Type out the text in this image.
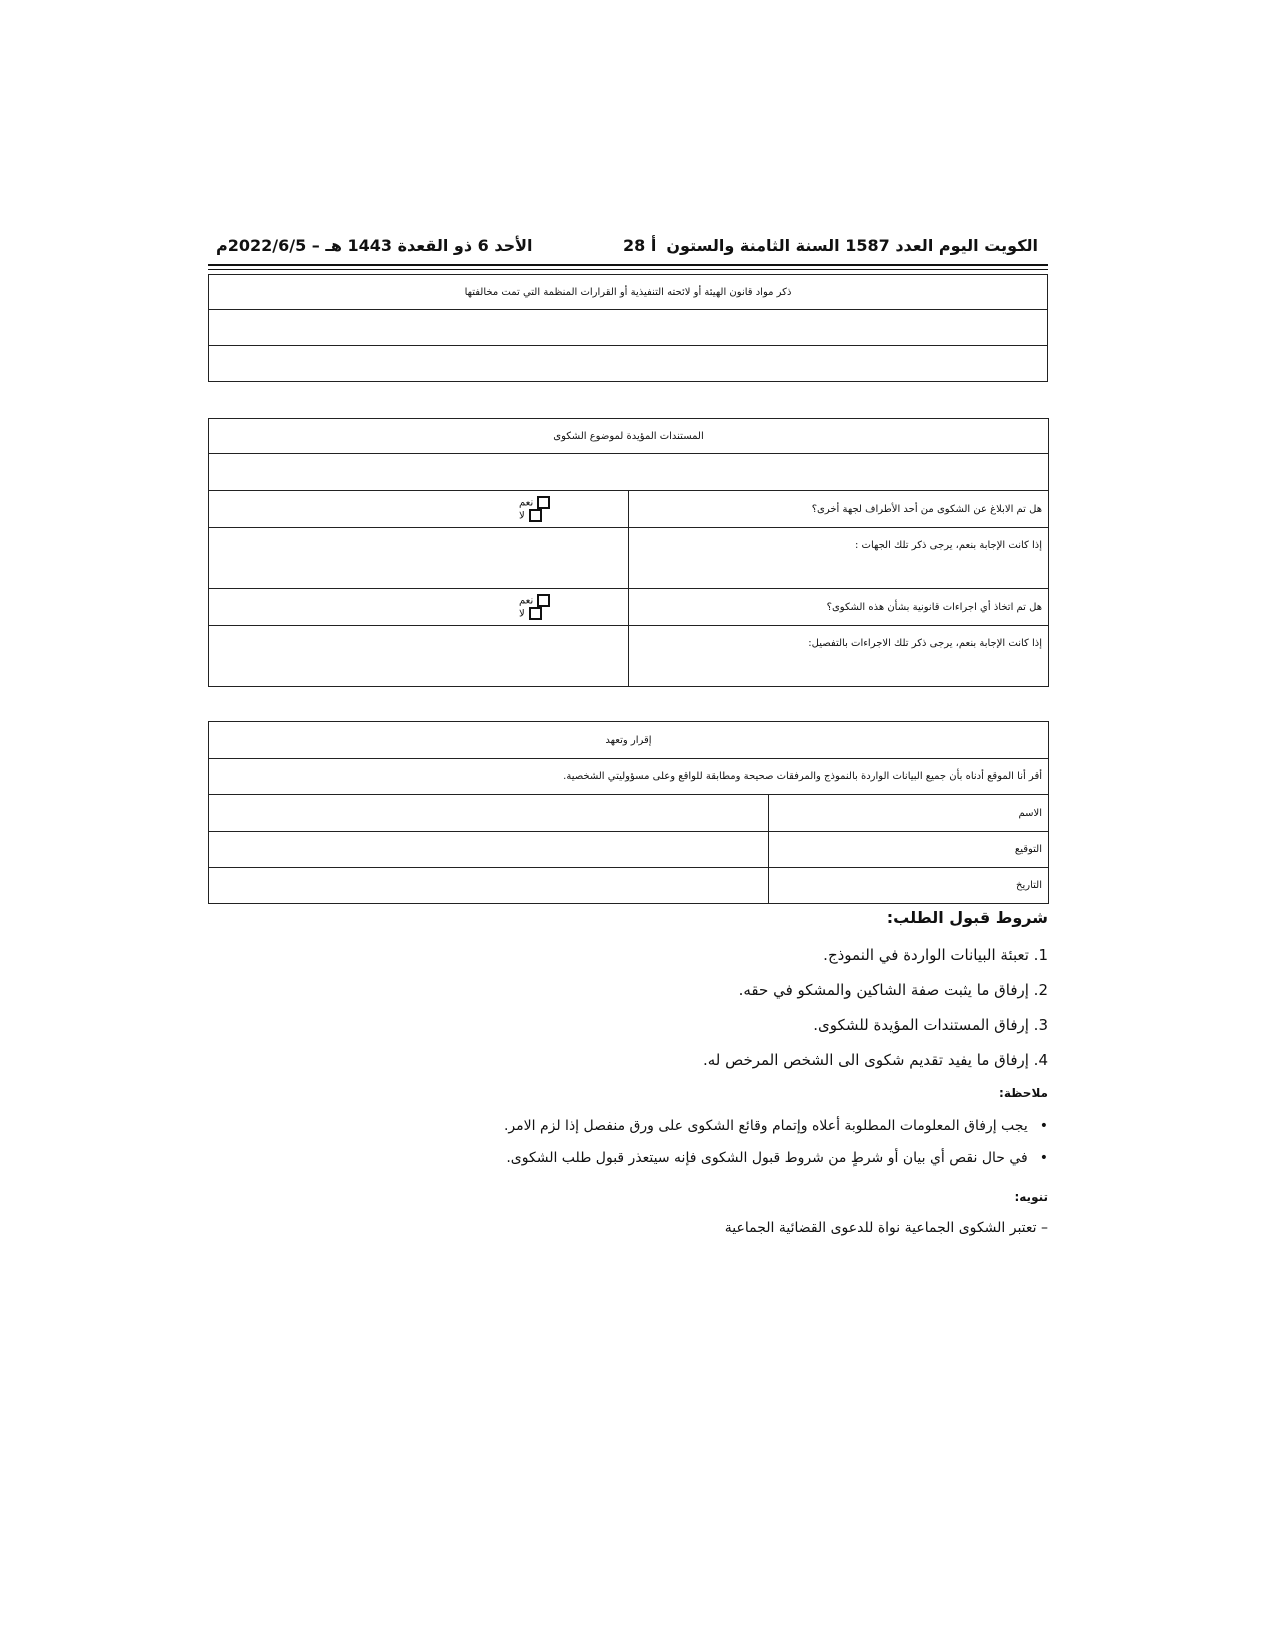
الكويت اليوم العدد 1587 السنة الثامنة والستون
أ 28
الأحد 6 ذو القعدة 1443 هـ – 2022/6/5م
ذكر مواد قانون الهيئة أو لائحته التنفيذية أو القرارات المنظمة التي تمت مخالفتها

المستندات المؤيدة لموضوع الشكوى	

هل تم الابلاغ عن الشكوى من أحد الأطراف لجهة أخرى؟	نعم لا
إذا كانت الإجابة بنعم، يرجى ذكر تلك الجهات :	
هل تم اتخاذ أي اجراءات قانونية بشأن هذه الشكوى؟	نعم لا
إذا كانت الإجابة بنعم، يرجى ذكر تلك الاجراءات بالتفصيل:	
إقرار وتعهد	
أقر أنا الموقع أدناه بأن جميع البيانات الواردة بالنموذج والمرفقات صحيحة ومطابقة للواقع وعلى مسؤوليتي الشخصية.	
الاسم	
التوقيع	
التاريخ	
شروط قبول الطلب:
1. تعبئة البيانات الواردة في النموذج.
2. إرفاق ما يثبت صفة الشاكين والمشكو في حقه.
3. إرفاق المستندات المؤيدة للشكوى.
4. إرفاق ما يفيد تقديم شكوى الى الشخص المرخص له.
ملاحظة:
•يجب إرفاق المعلومات المطلوبة أعلاه وإتمام وقائع الشكوى على ورق منفصل إذا لزم الامر.
•في حال نقص أي بيان أو شرطٍ من شروط قبول الشكوى فإنه سيتعذر قبول طلب الشكوى.
تنويه:
– تعتبر الشكوى الجماعية نواة للدعوى القضائية الجماعية
